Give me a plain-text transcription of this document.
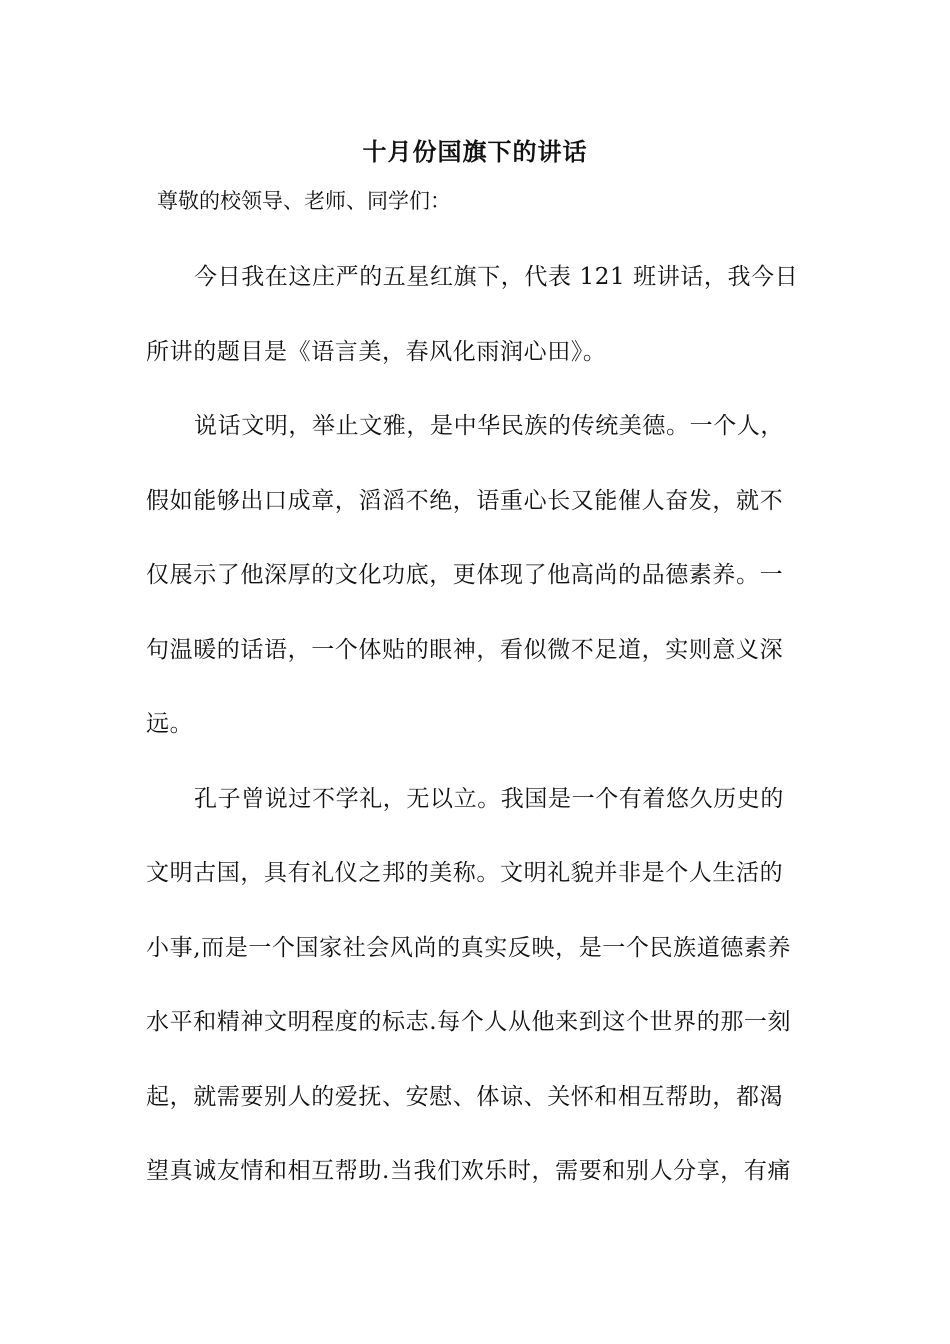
十月份国旗下的讲话
尊敬的校领导、老师、同学们：
今日我在这庄严的五星红旗下，代表 121 班讲话，我今日
所讲的题目是《语言美，春风化雨润心田》。
说话文明，举止文雅，是中华民族的传统美德。一个人，
假如能够出口成章，滔滔不绝，语重心长又能催人奋发，就不
仅展示了他深厚的文化功底，更体现了他高尚的品德素养。一
句温暖的话语，一个体贴的眼神，看似微不足道，实则意义深
远。
孔子曾说过不学礼，无以立。我国是一个有着悠久历史的
文明古国，具有礼仪之邦的美称。文明礼貌并非是个人生活的
小事,而是一个国家社会风尚的真实反映，是一个民族道德素养
水平和精神文明程度的标志.每个人从他来到这个世界的那一刻
起，就需要别人的爱抚、安慰、体谅、关怀和相互帮助，都渴
望真诚友情和相互帮助.当我们欢乐时，需要和别人分享，有痛
